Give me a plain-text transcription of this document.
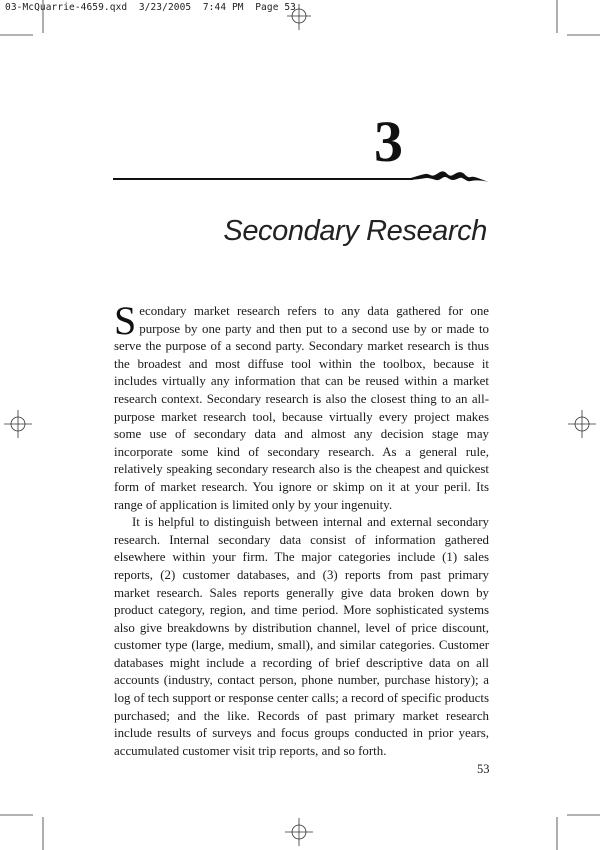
03-McQuarrie-4659.qxd  3/23/2005  7:44 PM  Page 53
3
Secondary Research

Secondary market research refers to any data gathered for one purpose by one party and then put to a second use by or made to serve the purpose of a second party. Secondary market research is thus the broadest and most diffuse tool within the toolbox, because it includes virtually any information that can be reused within a market research context. Secondary research is also the closest thing to an all-purpose market research tool, because virtually every project makes some use of secondary data and almost any decision stage may incorporate some kind of secondary research. As a general rule, relatively speaking secondary research also is the cheapest and quickest form of market research. You ignore or skimp on it at your peril. Its range of application is limited only by your ingenuity.

It is helpful to distinguish between internal and external secondary research. Internal secondary data consist of information gathered elsewhere within your firm. The major categories include (1) sales reports, (2) customer databases, and (3) reports from past primary market research. Sales reports generally give data broken down by product category, region, and time period. More sophisticated systems also give breakdowns by distribution channel, level of price discount, customer type (large, medium, small), and similar categories. Customer databases might include a recording of brief descriptive data on all accounts (industry, contact person, phone number, purchase history); a log of tech support or response center calls; a record of specific products purchased; and the like. Records of past primary market research include results of surveys and focus groups conducted in prior years, accumulated customer visit trip reports, and so forth.

53
